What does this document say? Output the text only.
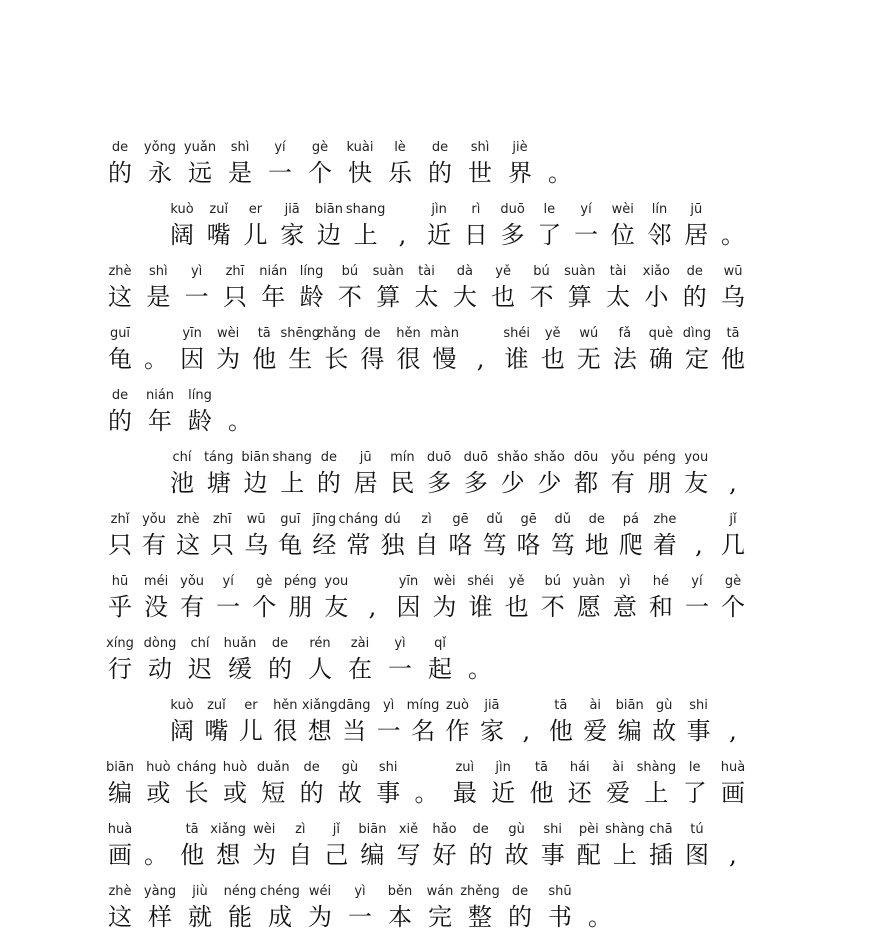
de
的
yǒng
永
yuǎn
远
shì
是
yí
一
gè
个
kuài
快
lè
乐
de
的
shì
世
jiè
界 。
kuò
阔
zuǐ
嘴
er
儿
jiā
家
biān
边
shang
上 ,
jìn
近
rì
日
duō
多
le
了
yí
一
wèi
位
lín
邻
jū
居 。
zhè
这
shì
是
yì
一
zhī
只
nián
年
líng
龄
bú
不
suàn
算
tài
太
dà
大
yě
也
bú
不
suàn
算
tài
太
xiǎo
小
de
的
wū
乌
guī
龟 。
yīn
因
wèi
为
tā
他
shēng
生
zhǎng
长
de
得
hěn
很
màn
慢 ,
shéi
谁
yě
也
wú
无
fǎ
法
què
确
dìng
定
tā
他
de
的
nián
年
líng
龄 。
chí
池
táng
塘
biān
边
shang
上
de
的
jū
居
mín
民
duō
多
duō
多
shǎo
少
shǎo
少
dōu
都
yǒu
有
péng
朋
you
友 ,
zhǐ
只
yǒu
有
zhè
这
zhī
只
wū
乌
guī
龟
jīng
经
cháng
常
dú
独
zì
自
gē
咯
dǔ
笃
gē
咯
dǔ
笃
de
地
pá
爬
zhe
着 ,
jǐ
几
hū
乎
méi
没
yǒu
有
yí
一
gè
个
péng
朋
you
友 ,
yīn
因
wèi
为
shéi
谁
yě
也
bú
不
yuàn
愿
yì
意
hé
和
yí
一
gè
个
xíng
行
dòng
动
chí
迟
huǎn
缓
de
的
rén
人
zài
在
yì
一
qǐ
起 。
kuò
阔
zuǐ
嘴
er
儿
hěn
很
xiǎng
想
dāng
当
yì
一
míng
名
zuò
作
jiā
家 ,
tā
他
ài
爱
biān
编
gù
故
shi
事 ,
biān
编
huò
或
cháng
长
huò
或
duǎn
短
de
的
gù
故
shi
事 。
zuì
最
jìn
近
tā
他
hái
还
ài
爱
shàng
上
le
了
huà
画
huà
画 。
tā
他
xiǎng
想
wèi
为
zì
自
jǐ
己
biān
编
xiě
写
hǎo
好
de
的
gù
故
shi
事
pèi
配
shàng
上
chā
插
tú
图 ,
zhè
这
yàng
样
jiù
就
néng
能
chéng
成
wéi
为
yì
一
běn
本
wán
完
zhěng
整
de
的
shū
书 。
